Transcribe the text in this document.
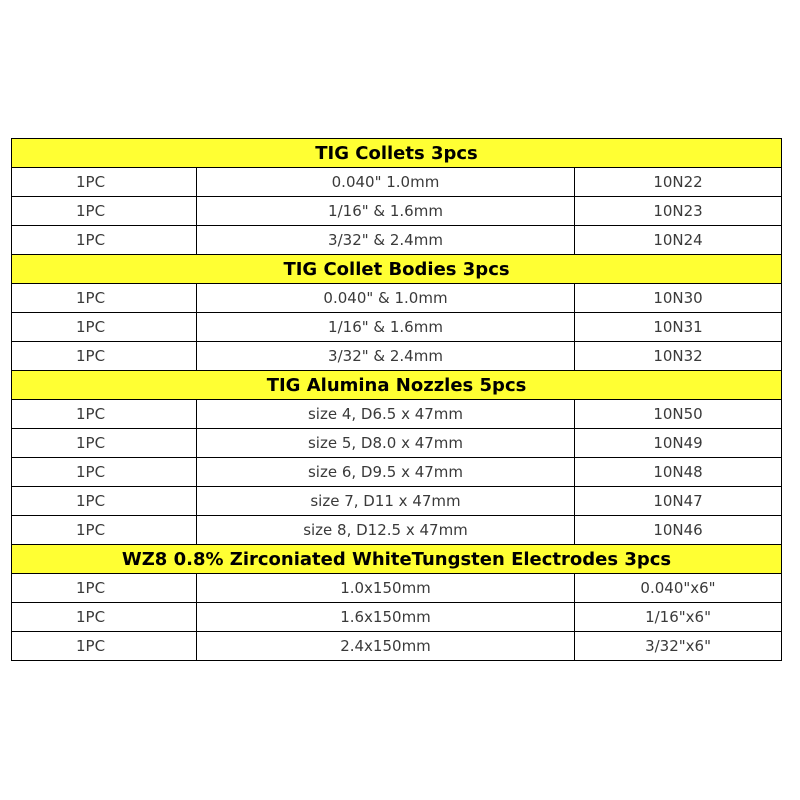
TIG Collets 3pcs		
1PC	0.040" 1.0mm	10N22
1PC	1/16" & 1.6mm	10N23
1PC	3/32" & 2.4mm	10N24
TIG Collet Bodies 3pcs		
1PC	0.040" & 1.0mm	10N30
1PC	1/16" & 1.6mm	10N31
1PC	3/32" & 2.4mm	10N32
TIG Alumina Nozzles 5pcs		
1PC	size 4, D6.5 x 47mm	10N50
1PC	size 5, D8.0 x 47mm	10N49
1PC	size 6, D9.5 x 47mm	10N48
1PC	size 7, D11 x 47mm	10N47
1PC	size 8, D12.5 x 47mm	10N46
WZ8 0.8% Zirconiated WhiteTungsten Electrodes 3pcs		
1PC	1.0x150mm	0.040"x6"
1PC	1.6x150mm	1/16"x6"
1PC	2.4x150mm	3/32"x6"
